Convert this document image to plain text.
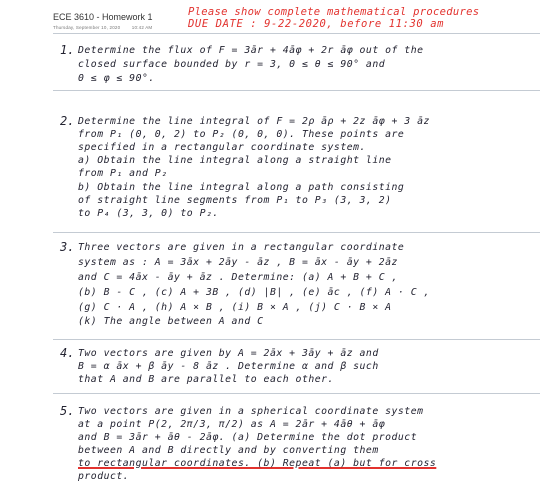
ECE 3610 - Homework 1
Thursday, September 10, 2020	10:42 AM
Please show complete mathematical procedures
DUE DATE : 9-22-2020, before 11:30 am
1. Determine the flux of F = 3ār + 4āφ + 2r āφ out of the
closed surface bounded by r = 3, 0 ≤ θ ≤ 90° and
0 ≤ φ ≤ 90°.
2. Determine the line integral of F = 2ρ āρ + 2z āφ + 3 āz
from P₁ (0, 0, 2) to P₂ (0, 0, 0). These points are
specified in a rectangular coordinate system.
a) Obtain the line integral along a straight line
from P₁ and P₂
b) Obtain the line integral along a path consisting
of straight line segments from P₁ to P₃ (3, 3, 2)
to P₄ (3, 3, 0) to P₂.
3. Three vectors are given in a rectangular coordinate
system as : A = 3āx + 2āy - āz , B = āx - āy + 2āz
and C = 4āx - āy + āz . Determine: (a) A + B + C ,
(b) B - C , (c) A + 3B , (d) |B| , (e) āc , (f) A · C ,
(g) C · A , (h) A × B , (i) B × A , (j) C · B × A
(k) The angle between A and C
4. Two vectors are given by A = 2āx + 3āy + āz and
B = α āx + β āy - 8 āz . Determine α and β such
that A and B are parallel to each other.
5. Two vectors are given in a spherical coordinate system
at a point P(2, 2π/3, π/2) as A = 2ār + 4āθ + āφ
and B = 3ār + āθ - 2āφ. (a) Determine the dot product
between A and B directly and by converting them
to rectangular coordinates. (b) Repeat (a) but for cross
product.
